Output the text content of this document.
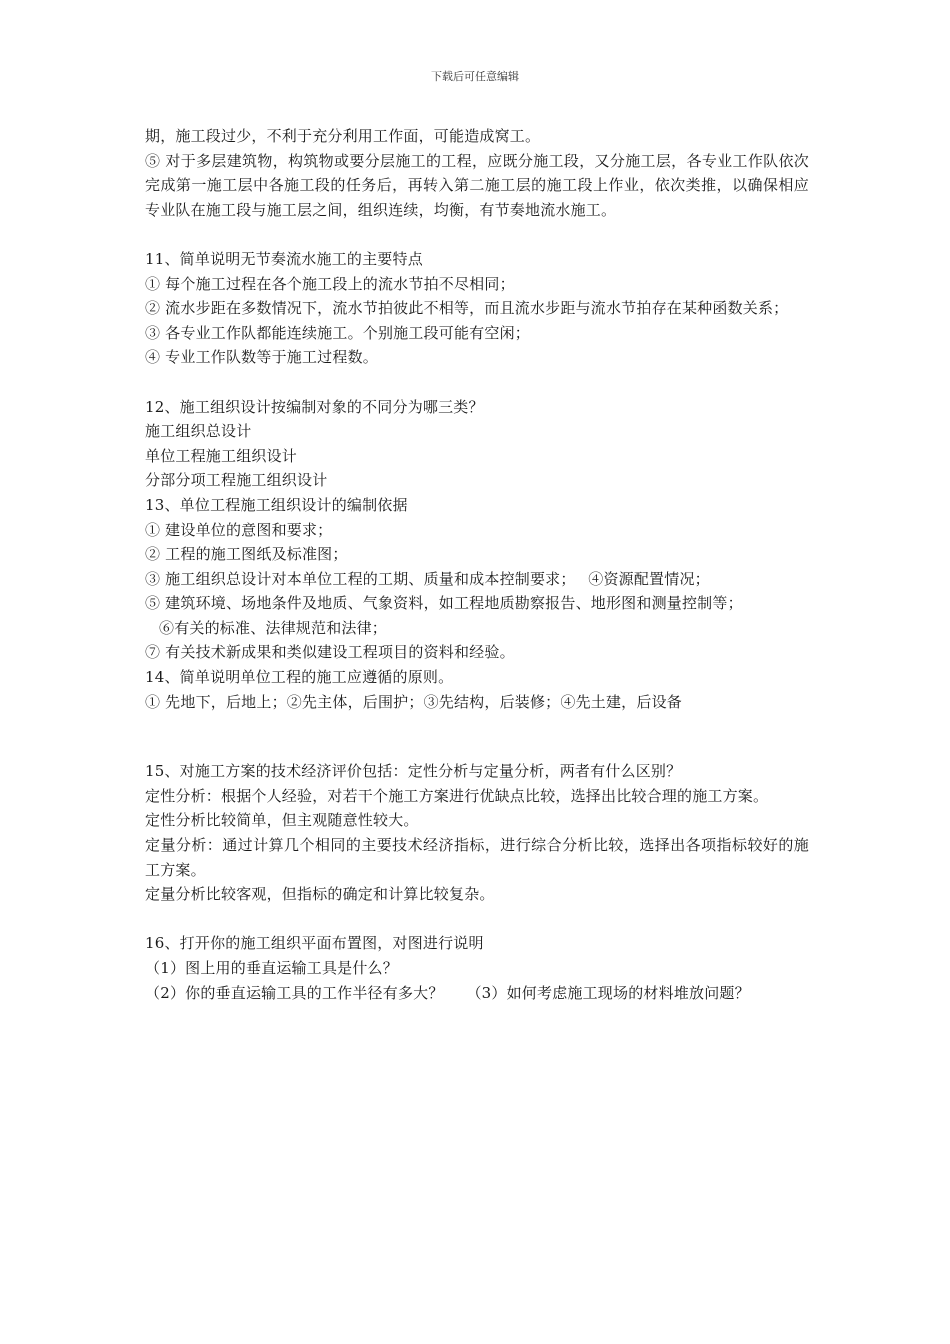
下载后可任意编辑
期，施工段过少，不利于充分利用工作面，可能造成窝工。
⑤ 对于多层建筑物，构筑物或要分层施工的工程，应既分施工段，又分施工层，各专业工作队依次完成第一施工层中各施工段的任务后，再转入第二施工层的施工段上作业，依次类推，以确保相应专业队在施工段与施工层之间，组织连续，均衡，有节奏地流水施工。
11、简单说明无节奏流水施工的主要特点
① 每个施工过程在各个施工段上的流水节拍不尽相同；
② 流水步距在多数情况下，流水节拍彼此不相等，而且流水步距与流水节拍存在某种函数关系；
③ 各专业工作队都能连续施工。个别施工段可能有空闲；
④ 专业工作队数等于施工过程数。
12、施工组织设计按编制对象的不同分为哪三类？
施工组织总设计
单位工程施工组织设计
分部分项工程施工组织设计
13、单位工程施工组织设计的编制依据
① 建设单位的意图和要求；
② 工程的施工图纸及标准图；
③ 施工组织总设计对本单位工程的工期、质量和成本控制要求；　 ④资源配置情况；
⑤ 建筑环境、场地条件及地质、气象资料，如工程地质勘察报告、地形图和测量控制等；
⑥有关的标准、法律规范和法律；
⑦ 有关技术新成果和类似建设工程项目的资料和经验。
14、简单说明单位工程的施工应遵循的原则。
① 先地下，后地上；②先主体，后围护；③先结构，后装修；④先土建，后设备
15、对施工方案的技术经济评价包括：定性分析与定量分析，两者有什么区别？
定性分析：根据个人经验，对若干个施工方案进行优缺点比较，选择出比较合理的施工方案。
定性分析比较简单，但主观随意性较大。
定量分析：通过计算几个相同的主要技术经济指标，进行综合分析比较，选择出各项指标较好的施工方案。
定量分析比较客观，但指标的确定和计算比较复杂。
16、打开你的施工组织平面布置图，对图进行说明
（1）图上用的垂直运输工具是什么？
（2）你的垂直运输工具的工作半径有多大？　　（3）如何考虑施工现场的材料堆放问题？
